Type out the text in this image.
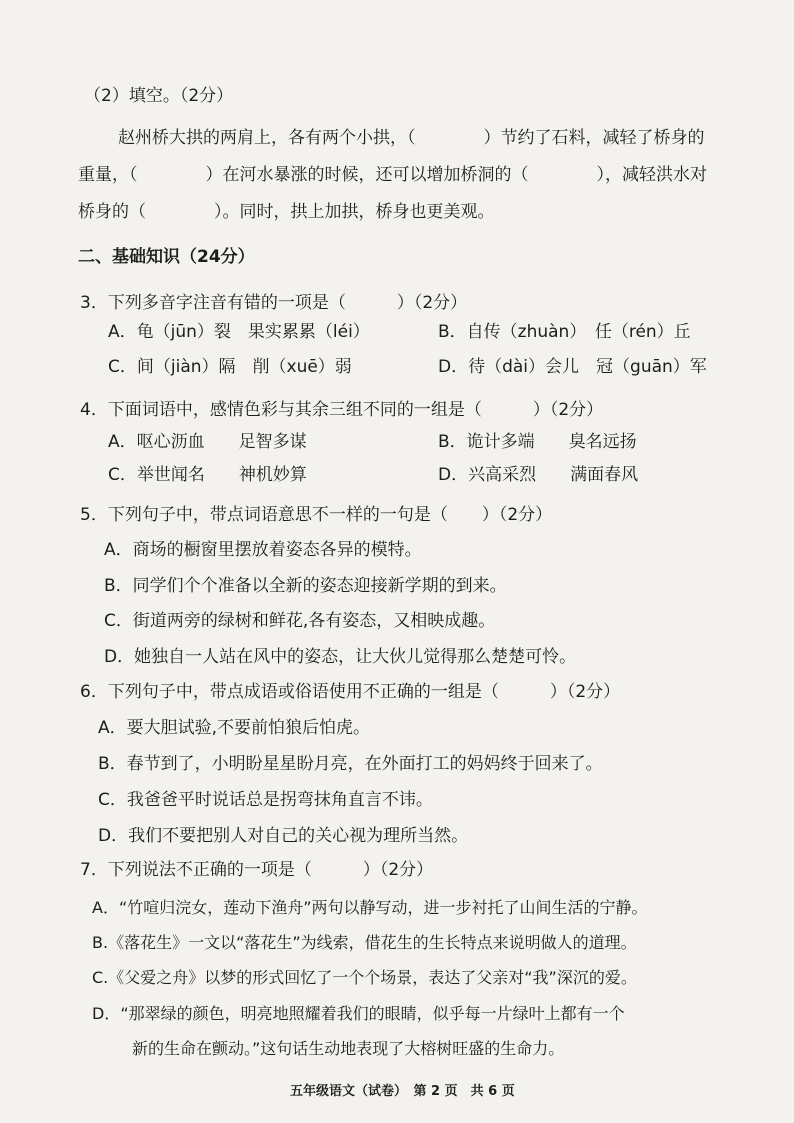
（2）填空。（2分）
赵州桥大拱的两肩上，各有两个小拱，（　　　　）节约了石料，减轻了桥身的
重量，（　　　　）在河水暴涨的时候，还可以增加桥洞的（　　　　），减轻洪水对
桥身的（　　　　）。同时，拱上加拱，桥身也更美观。
二、基础知识（24分）
3．下列多音字注音有错的一项是（　　　）（2分）
A．龟（jūn）裂　果实累累（léi）	B．自传（zhuàn）　任（rén）丘
C．间（jiàn）隔　削（xuē）弱	D．待（dài）会儿　冠（guān）军
4．下面词语中，感情色彩与其余三组不同的一组是（　　　）（2分）
A．呕心沥血　　足智多谋	B．诡计多端　　臭名远扬
C．举世闻名　　神机妙算	D．兴高采烈　　满面春风
5．下列句子中，带点词语意思不一样的一句是（　　）（2分）
A．商场的橱窗里摆放着姿态各异的模特。
B．同学们个个准备以全新的姿态迎接新学期的到来。
C．街道两旁的绿树和鲜花,各有姿态，又相映成趣。
D．她独自一人站在风中的姿态，让大伙儿觉得那么楚楚可怜。
6．下列句子中，带点成语或俗语使用不正确的一组是（　　　）（2分）
A．要大胆试验,不要前怕狼后怕虎。
B．春节到了，小明盼星星盼月亮，在外面打工的妈妈终于回来了。
C．我爸爸平时说话总是拐弯抹角直言不讳。
D．我们不要把别人对自己的关心视为理所当然。
7．下列说法不正确的一项是（　　　）（2分）
A．“竹喧归浣女，莲动下渔舟”两句以静写动，进一步衬托了山间生活的宁静。
B.《落花生》一文以“落花生”为线索，借花生的生长特点来说明做人的道理。
C.《父爱之舟》以梦的形式回忆了一个个场景，表达了父亲对“我”深沉的爱。
D．“那翠绿的颜色，明亮地照耀着我们的眼睛，似乎每一片绿叶上都有一个
新的生命在颤动。”这句话生动地表现了大榕树旺盛的生命力。
五年级语文（试卷）　第 2 页　共 6 页
